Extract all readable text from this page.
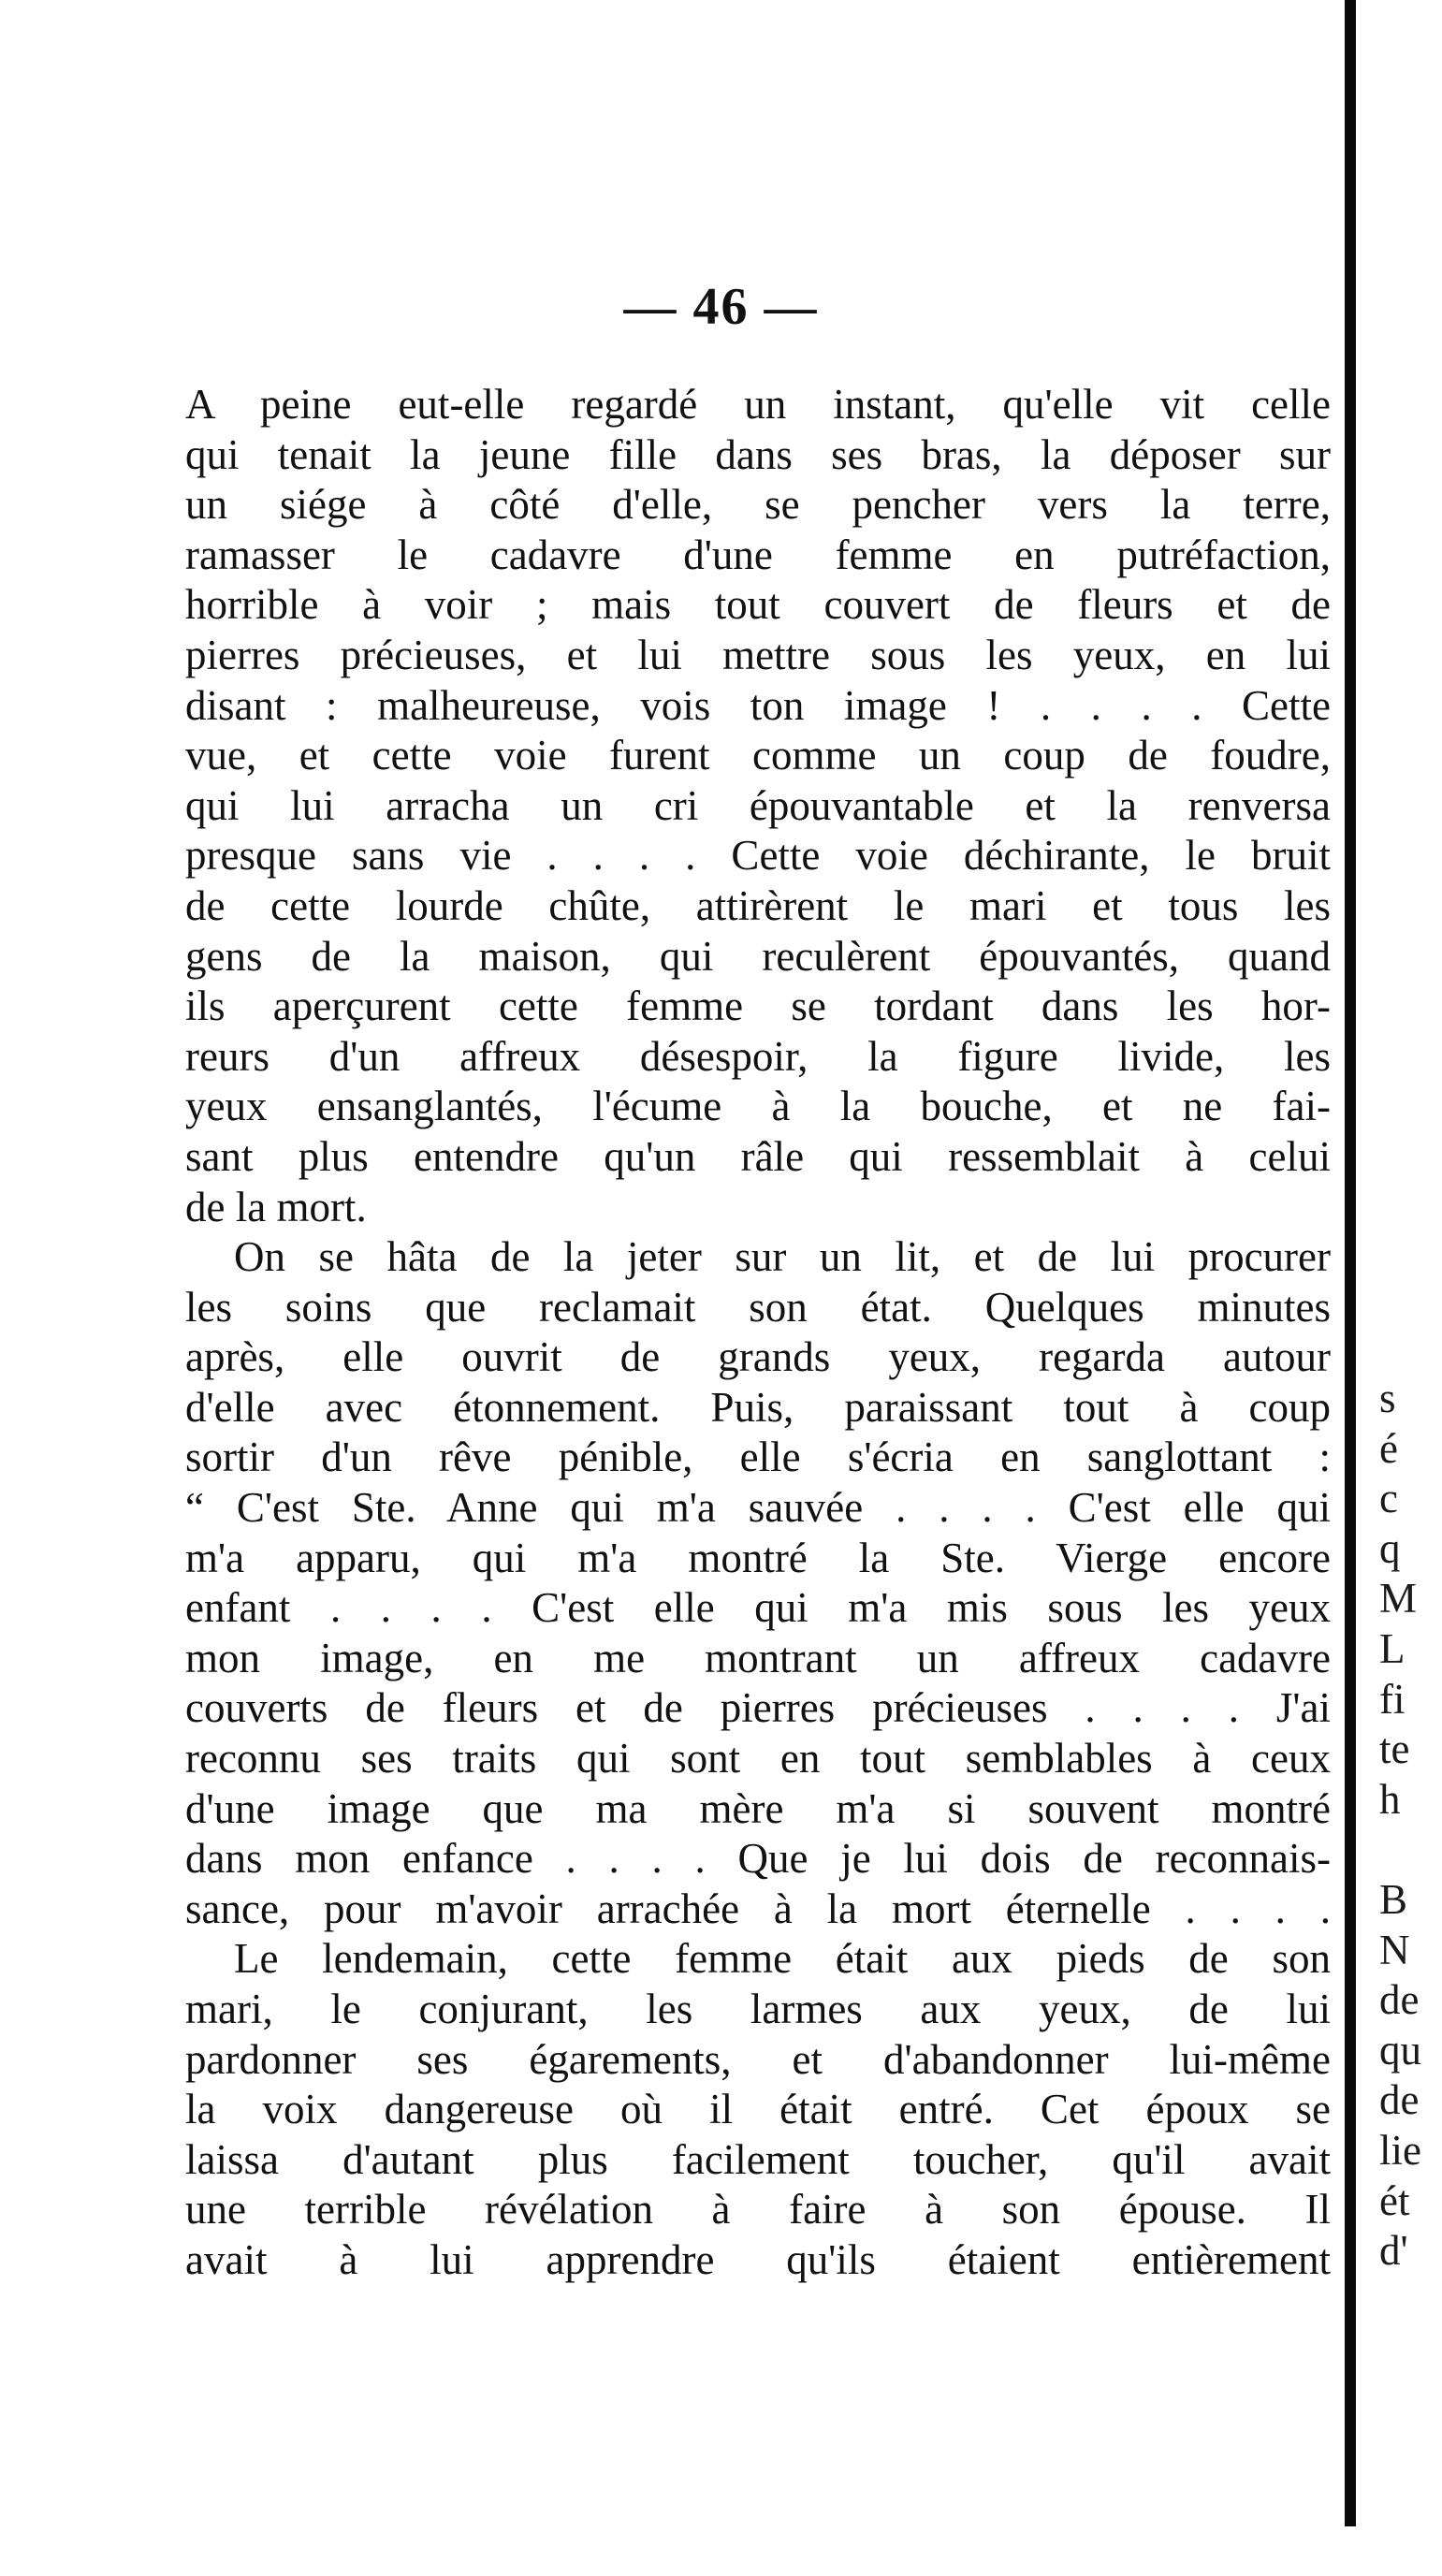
— 46 —
A peine eut-elle regardé un instant, qu'elle vit celle
qui tenait la jeune fille dans ses bras, la déposer sur
un siége à côté d'elle, se pencher vers la terre,
ramasser le cadavre d'une femme en putréfaction,
horrible à voir ; mais tout couvert de fleurs et de
pierres précieuses, et lui mettre sous les yeux, en lui
disant : malheureuse, vois ton image ! . . . . Cette
vue, et cette voie furent comme un coup de foudre,
qui lui arracha un cri épouvantable et la renversa
presque sans vie . . . . Cette voie déchirante, le bruit
de cette lourde chûte, attirèrent le mari et tous les
gens de la maison, qui reculèrent épouvantés, quand
ils aperçurent cette femme se tordant dans les hor-
reurs d'un affreux désespoir, la figure livide, les
yeux ensanglantés, l'écume à la bouche, et ne fai-
sant plus entendre qu'un râle qui ressemblait à celui
de la mort.
On se hâta de la jeter sur un lit, et de lui procurer
les soins que reclamait son état. Quelques minutes
après, elle ouvrit de grands yeux, regarda autour
d'elle avec étonnement. Puis, paraissant tout à coup
sortir d'un rêve pénible, elle s'écria en sanglottant :
“ C'est Ste. Anne qui m'a sauvée . . . . C'est elle qui
m'a apparu, qui m'a montré la Ste. Vierge encore
enfant . . . . C'est elle qui m'a mis sous les yeux
mon image, en me montrant un affreux cadavre
couverts de fleurs et de pierres précieuses . . . . J'ai
reconnu ses traits qui sont en tout semblables à ceux
d'une image que ma mère m'a si souvent montré
dans mon enfance . . . . Que je lui dois de reconnais-
sance, pour m'avoir arrachée à la mort éternelle . . . .
Le lendemain, cette femme était aux pieds de son
mari, le conjurant, les larmes aux yeux, de lui
pardonner ses égarements, et d'abandonner lui-même
la voix dangereuse où il était entré. Cet époux se
laissa d'autant plus facilement toucher, qu'il avait
une terrible révélation à faire à son épouse. Il
avait à lui apprendre qu'ils étaient entièrement
s
é
c
q
M
L
fi
te
h
B
N
de
qu
de
lie
ét
d'
